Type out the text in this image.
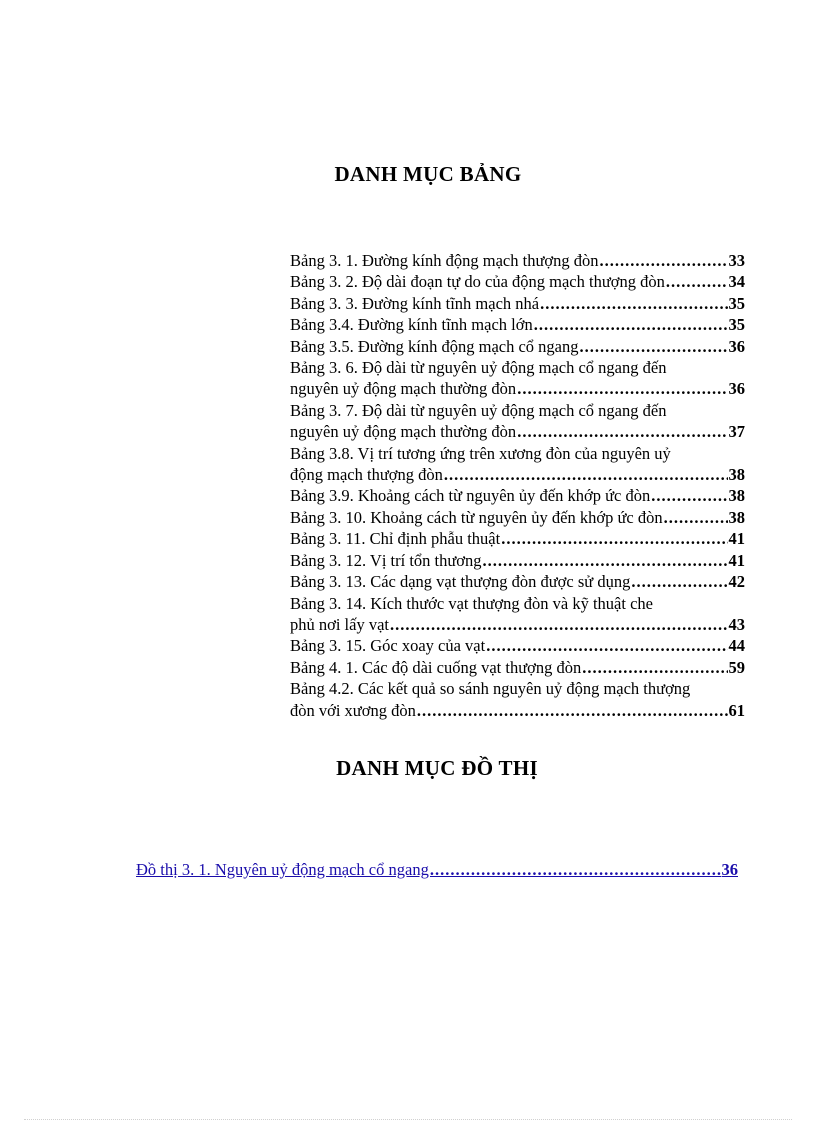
DANH MỤC BẢNG
Bảng 3. 1. Đường kính động mạch thượng đòn .....	33
Bảng 3. 2. Độ dài đoạn tự do của động mạch thượng đòn .....	34
Bảng 3. 3. Đường kính tĩnh mạch nhá .....	35
Bảng 3.4. Đường kính tĩnh mạch lớn .....	35
Bảng 3.5. Đường kính động mạch cổ ngang .....	36
Bảng 3. 6. Độ dài từ nguyên uỷ động mạch cổ ngang đến
nguyên uỷ động mạch thường đòn .....	36
Bảng 3. 7. Độ dài từ nguyên uỷ động mạch cổ ngang đến
nguyên uỷ động mạch thường đòn .....	37
Bảng 3.8. Vị trí tương ứng trên xương đòn của nguyên uỷ
động mạch thượng đòn .....	38
Bảng 3.9. Khoảng cách từ nguyên ủy đến khớp ức đòn .....	38
Bảng 3. 10. Khoảng cách từ nguyên ủy đến khớp ức đòn .....	38
Bảng 3. 11. Chỉ định phẫu thuật .....	41
Bảng 3. 12. Vị trí tổn thương .....	41
Bảng 3. 13. Các dạng vạt thượng đòn được sử dụng .....	42
Bảng 3. 14. Kích thước vạt thượng đòn và kỹ thuật che
phủ nơi lấy vạt .....	43
Bảng 3. 15. Góc xoay của vạt .....	44
Bảng 4. 1. Các độ dài cuống vạt thượng đòn .....	59
Bảng 4.2. Các kết quả so sánh nguyên uỷ động mạch thượng
đòn với xương đòn .....	61
DANH MỤC ĐỒ THỊ
Đồ thị 3. 1. Nguyên uỷ động mạch cổ ngang .....	36
